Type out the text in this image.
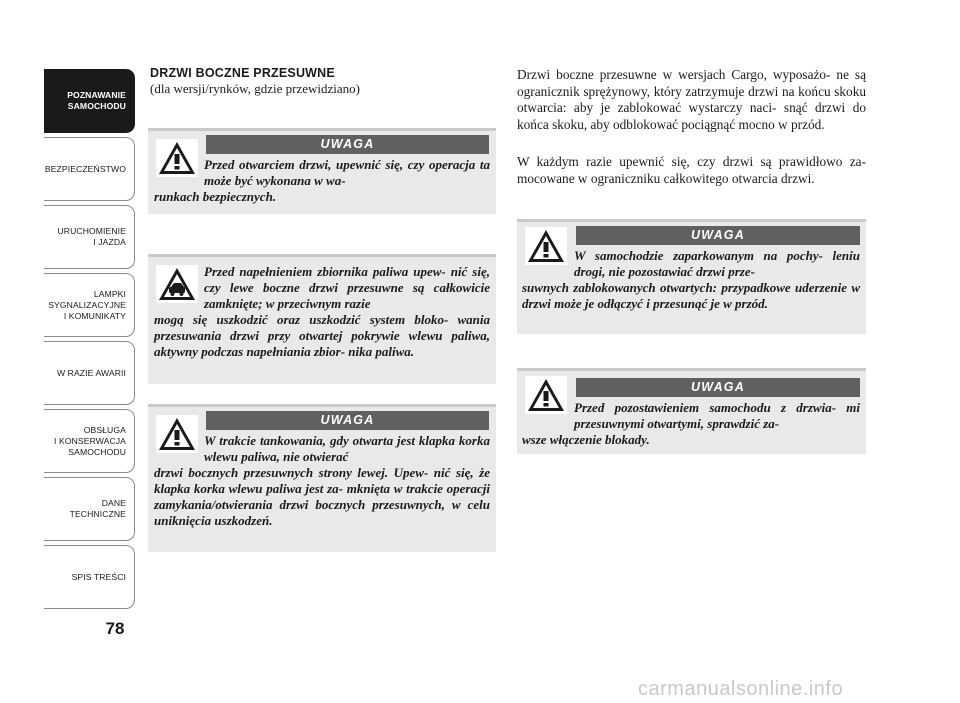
POZNAWANIE
SAMOCHODU
BEZPIECZEŃSTWO
URUCHOMIENIE
I JAZDA
LAMPKI
SYGNALIZACYJNE
I KOMUNIKATY
W RAZIE AWARII
OBSŁUGA
I KONSERWACJA
SAMOCHODU
DANE
TECHNICZNE
SPIS TREŚCI
78
DRZWI BOCZNE PRZESUWNE
(dla wersji/rynków, gdzie przewidziano)
UWAGA
Przed otwarciem drzwi, upewnić się, czy operacja ta może być wykonana w wa-
runkach bezpiecznych.
Przed napełnieniem zbiornika paliwa upew- nić się, czy lewe boczne drzwi przesuwne są całkowicie zamknięte; w przeciwnym razie
mogą się uszkodzić oraz uszkodzić system bloko- wania przesuwania drzwi przy otwartej pokrywie wlewu paliwa, aktywny podczas napełniania zbior- nika paliwa.
UWAGA
W trakcie tankowania, gdy otwarta jest klapka korka wlewu paliwa, nie otwierać
drzwi bocznych przesuwnych strony lewej. Upew- nić się, że klapka korka wlewu paliwa jest za- mknięta w trakcie operacji zamykania/otwierania drzwi bocznych przesuwnych, w celu uniknięcia uszkodzeń.
Drzwi boczne przesuwne w wersjach Cargo, wyposażo- ne są ogranicznik sprężynowy, który zatrzymuje drzwi na końcu skoku otwarcia: aby je zablokować wystarczy naci- snąć drzwi do końca skoku, aby odblokować pociągnąć mocno w przód.
W każdym razie upewnić się, czy drzwi są prawidłowo za- mocowane w ograniczniku całkowitego otwarcia drzwi.
UWAGA
W samochodzie zaparkowanym na pochy- leniu drogi, nie pozostawiać drzwi prze-
suwnych zablokowanych otwartych: przypadkowe uderzenie w drzwi może je odłączyć i przesunąć je w przód.
UWAGA
Przed pozostawieniem samochodu z drzwia- mi przesuwnymi otwartymi, sprawdzić za-
wsze włączenie blokady.
carmanualsonline.info
